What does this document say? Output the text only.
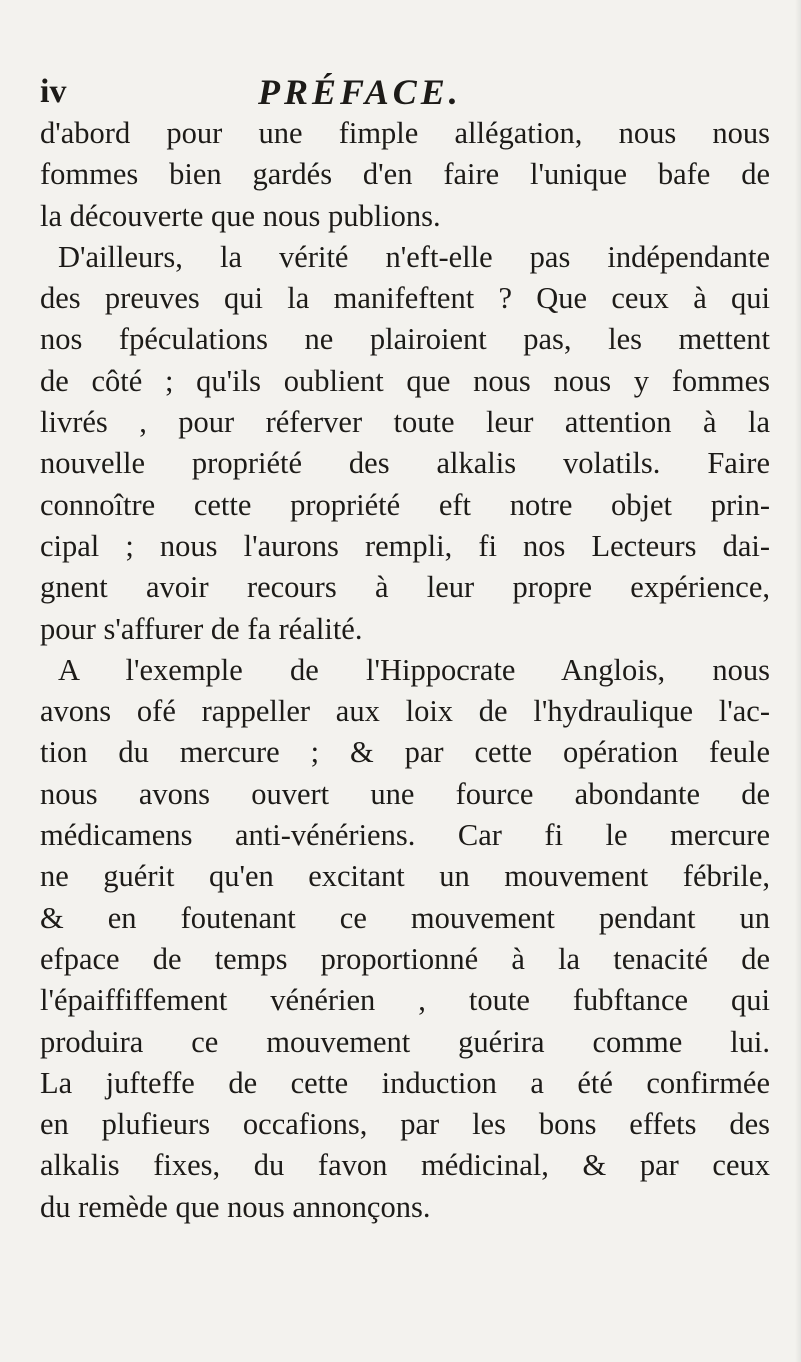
iv	PRÉFACE.
d'abord pour une fimple allégation, nous nous
fommes bien gardés d'en faire l'unique bafe de
la découverte que nous publions.
D'ailleurs, la vérité n'eft-elle pas indépendante
des preuves qui la manifeftent ? Que ceux à qui
nos fpéculations ne plairoient pas, les mettent
de côté ; qu'ils oublient que nous nous y fommes
livrés , pour réferver toute leur attention à la
nouvelle propriété des alkalis volatils. Faire
connoître cette propriété eft notre objet prin-
cipal ; nous l'aurons rempli, fi nos Lecteurs dai-
gnent avoir recours à leur propre expérience,
pour s'affurer de fa réalité.
A l'exemple de l'Hippocrate Anglois, nous
avons ofé rappeller aux loix de l'hydraulique l'ac-
tion du mercure ; & par cette opération feule
nous avons ouvert une fource abondante de
médicamens anti-vénériens. Car fi le mercure
ne guérit qu'en excitant un mouvement fébrile,
& en foutenant ce mouvement pendant un
efpace de temps proportionné à la tenacité de
l'épaiffiffement vénérien , toute fubftance qui
produira ce mouvement guérira comme lui.
La jufteffe de cette induction a été confirmée
en plufieurs occafions, par les bons effets des
alkalis fixes, du favon médicinal, & par ceux
du remède que nous annonçons.
